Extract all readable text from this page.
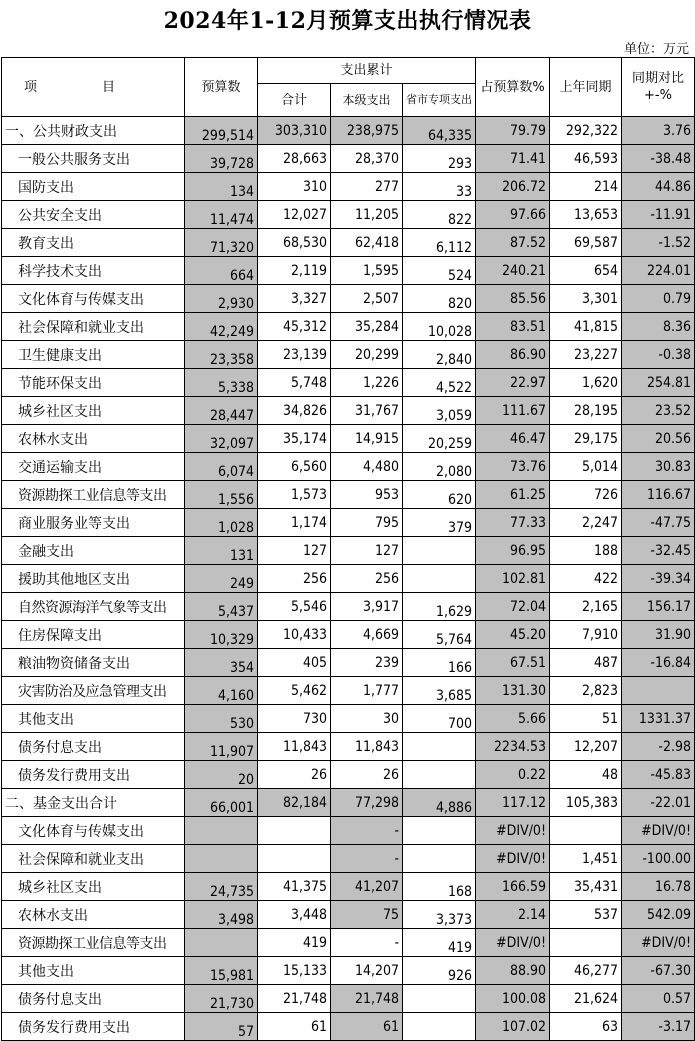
2024年1-12月预算支出执行情况表
单位：万元
项　　　　　目	预算数	支出累计			占预算数%	上年同期	同期对比+-%
		合计	本级支出	省市专项支出			
一、公共财政支出	299,514	303,310	238,975	64,335	79.79	292,322	3.76
一般公共服务支出	39,728	28,663	28,370	293	71.41	46,593	-38.48
国防支出	134	310	277	33	206.72	214	44.86
公共安全支出	11,474	12,027	11,205	822	97.66	13,653	-11.91
教育支出	71,320	68,530	62,418	6,112	87.52	69,587	-1.52
科学技术支出	664	2,119	1,595	524	240.21	654	224.01
文化体育与传媒支出	2,930	3,327	2,507	820	85.56	3,301	0.79
社会保障和就业支出	42,249	45,312	35,284	10,028	83.51	41,815	8.36
卫生健康支出	23,358	23,139	20,299	2,840	86.90	23,227	-0.38
节能环保支出	5,338	5,748	1,226	4,522	22.97	1,620	254.81
城乡社区支出	28,447	34,826	31,767	3,059	111.67	28,195	23.52
农林水支出	32,097	35,174	14,915	20,259	46.47	29,175	20.56
交通运输支出	6,074	6,560	4,480	2,080	73.76	5,014	30.83
资源勘探工业信息等支出	1,556	1,573	953	620	61.25	726	116.67
商业服务业等支出	1,028	1,174	795	379	77.33	2,247	-47.75
金融支出	131	127	127		96.95	188	-32.45
援助其他地区支出	249	256	256		102.81	422	-39.34
自然资源海洋气象等支出	5,437	5,546	3,917	1,629	72.04	2,165	156.17
住房保障支出	10,329	10,433	4,669	5,764	45.20	7,910	31.90
粮油物资储备支出	354	405	239	166	67.51	487	-16.84
灾害防治及应急管理支出	4,160	5,462	1,777	3,685	131.30	2,823	
其他支出	530	730	30	700	5.66	51	1331.37
债务付息支出	11,907	11,843	11,843		2234.53	12,207	-2.98
债务发行费用支出	20	26	26		0.22	48	-45.83
二、基金支出合计	66,001	82,184	77,298	4,886	117.12	105,383	-22.01
文化体育与传媒支出			-		#DIV/0!		#DIV/0!
社会保障和就业支出			-		#DIV/0!	1,451	-100.00
城乡社区支出	24,735	41,375	41,207	168	166.59	35,431	16.78
农林水支出	3,498	3,448	75	3,373	2.14	537	542.09
资源勘探工业信息等支出		419	-	419	#DIV/0!		#DIV/0!
其他支出	15,981	15,133	14,207	926	88.90	46,277	-67.30
债务付息支出	21,730	21,748	21,748		100.08	21,624	0.57
债务发行费用支出	57	61	61		107.02	63	-3.17
